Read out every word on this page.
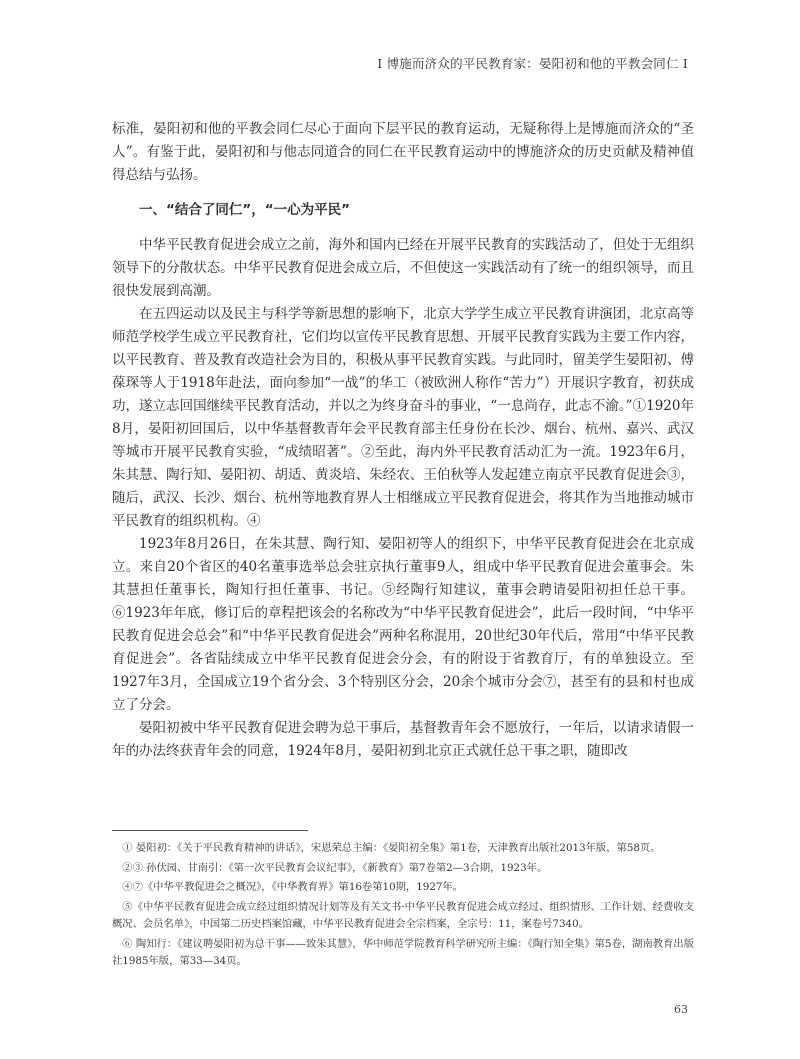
Ⅰ 博施而济众的平民教育家：晏阳初和他的平教会同仁 Ⅰ

标准，晏阳初和他的平教会同仁尽心于面向下层平民的教育运动，无疑称得上是博施而济众的“圣人”。有鉴于此，晏阳初和与他志同道合的同仁在平民教育运动中的博施济众的历史贡献及精神值得总结与弘扬。

一、“结合了同仁”，“一心为平民”

中华平民教育促进会成立之前，海外和国内已经在开展平民教育的实践活动了，但处于无组织领导下的分散状态。中华平民教育促进会成立后，不但使这一实践活动有了统一的组织领导，而且很快发展到高潮。

在五四运动以及民主与科学等新思想的影响下，北京大学学生成立平民教育讲演团，北京高等师范学校学生成立平民教育社，它们均以宣传平民教育思想、开展平民教育实践为主要工作内容，以平民教育、普及教育改造社会为目的，积极从事平民教育实践。与此同时，留美学生晏阳初、傅葆琛等人于1918年赴法，面向参加“一战”的华工（被欧洲人称作“苦力”）开展识字教育，初获成功，遂立志回国继续平民教育活动，并以之为终身奋斗的事业，“一息尚存，此志不渝。”①1920年8月，晏阳初回国后，以中华基督教青年会平民教育部主任身份在长沙、烟台、杭州、嘉兴、武汉等城市开展平民教育实验，“成绩昭著”。②至此，海内外平民教育活动汇为一流。1923年6月，朱其慧、陶行知、晏阳初、胡适、黄炎培、朱经农、王伯秋等人发起建立南京平民教育促进会③，随后，武汉、长沙、烟台、杭州等地教育界人士相继成立平民教育促进会，将其作为当地推动城市平民教育的组织机构。④

1923年8月26日，在朱其慧、陶行知、晏阳初等人的组织下，中华平民教育促进会在北京成立。来自20个省区的40名董事选举总会驻京执行董事9人，组成中华平民教育促进会董事会。朱其慧担任董事长，陶知行担任董事、书记。⑤经陶行知建议，董事会聘请晏阳初担任总干事。⑥1923年年底，修订后的章程把该会的名称改为“中华平民教育促进会”，此后一段时间，“中华平民教育促进会总会”和“中华平民教育促进会”两种名称混用，20世纪30年代后，常用“中华平民教育促进会”。各省陆续成立中华平民教育促进会分会，有的附设于省教育厅，有的单独设立。至1927年3月，全国成立19个省分会、3个特别区分会，20余个城市分会⑦，甚至有的县和村也成立了分会。

晏阳初被中华平民教育促进会聘为总干事后，基督教青年会不愿放行，一年后，以请求请假一年的办法终获青年会的同意，1924年8月，晏阳初到北京正式就任总干事之职，随即改

① 晏阳初：《关于平民教育精神的讲话》，宋恩荣总主编：《晏阳初全集》第1卷，天津教育出版社2013年版，第58页。

②③ 孙伏园、甘南引：《第一次平民教育会议纪事》，《新教育》第7卷第2—3合期，1923年。

④⑦《中华平教促进会之概况》，《中华教育界》第16卷第10期，1927年。

⑤《中华平民教育促进会成立经过组织情况计划等及有关文书·中华平民教育促进会成立经过、组织情形、工作计划、经费收支概况、会员名单》，中国第二历史档案馆藏，中华平民教育促进会全宗档案，全宗号：11，案卷号7340。

⑥ 陶知行：《建议聘晏阳初为总干事——致朱其慧》，华中师范学院教育科学研究所主编：《陶行知全集》第5卷，湖南教育出版社1985年版，第33—34页。

63
